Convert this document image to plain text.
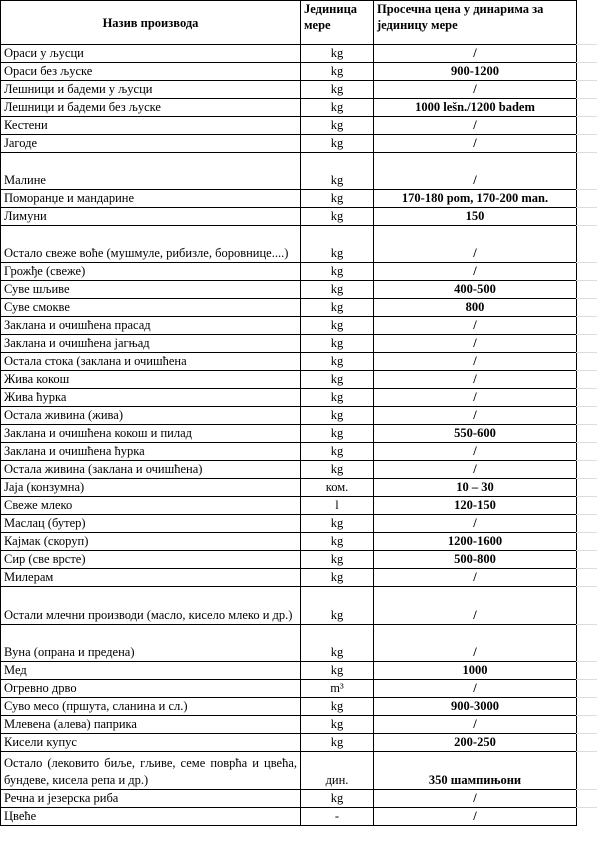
Назив производа	Јединица мере	Просечна цена у динарима за јединицу мере
Ораси у љусци	kg	/
Ораси без љуске	kg	900-1200
Лешници и бадеми у љусци	kg	/
Лешници и бадеми без љуске	kg	1000 lešn./1200 badem
Кестени	kg	/
Јагоде	kg	/
Малине	kg	/
Поморанџе и мандарине	kg	170-180 pom, 170-200 man.
Лимуни	kg	150
Остало свеже воће (мушмуле, рибизле, боровнице....)	kg	/
Грожђе (свеже)	kg	/
Суве шљиве	kg	400-500
Суве смокве	kg	800
Заклана и очишћена прасад	kg	/
Заклана и очишћена јагњад	kg	/
Остала стока (заклана и очишћена	kg	/
Жива кокош	kg	/
Жива ћурка	kg	/
Остала живина (жива)	kg	/
Заклана и очишћена кокош и пилад	kg	550-600
Заклана и очишћена ћурка	kg	/
Остала живина (заклана и очишћена)	kg	/
Јаја (конзумна)	ком.	10 – 30
Свеже млеко	l	120-150
Маслац (бутер)	kg	/
Кајмак (скоруп)	kg	1200-1600
Сир (све врсте)	kg	500-800
Милерам	kg	/
Остали млечни производи (масло, кисело млеко и др.)	kg	/
Вуна (опрана и предена)	kg	/
Мед	kg	1000
Огревно дрво	m³	/
Суво месо (пршута, сланина и сл.)	kg	900-3000
Млевена (алева) паприка	kg	/
Кисели купус	kg	200-250
Остало (лековито биље, гљиве, семе поврћа и цвећа, бундеве, кисела репа и др.)	дин.	350 шампињони
Речна и језерска риба	kg	/
Цвеће	-	/
